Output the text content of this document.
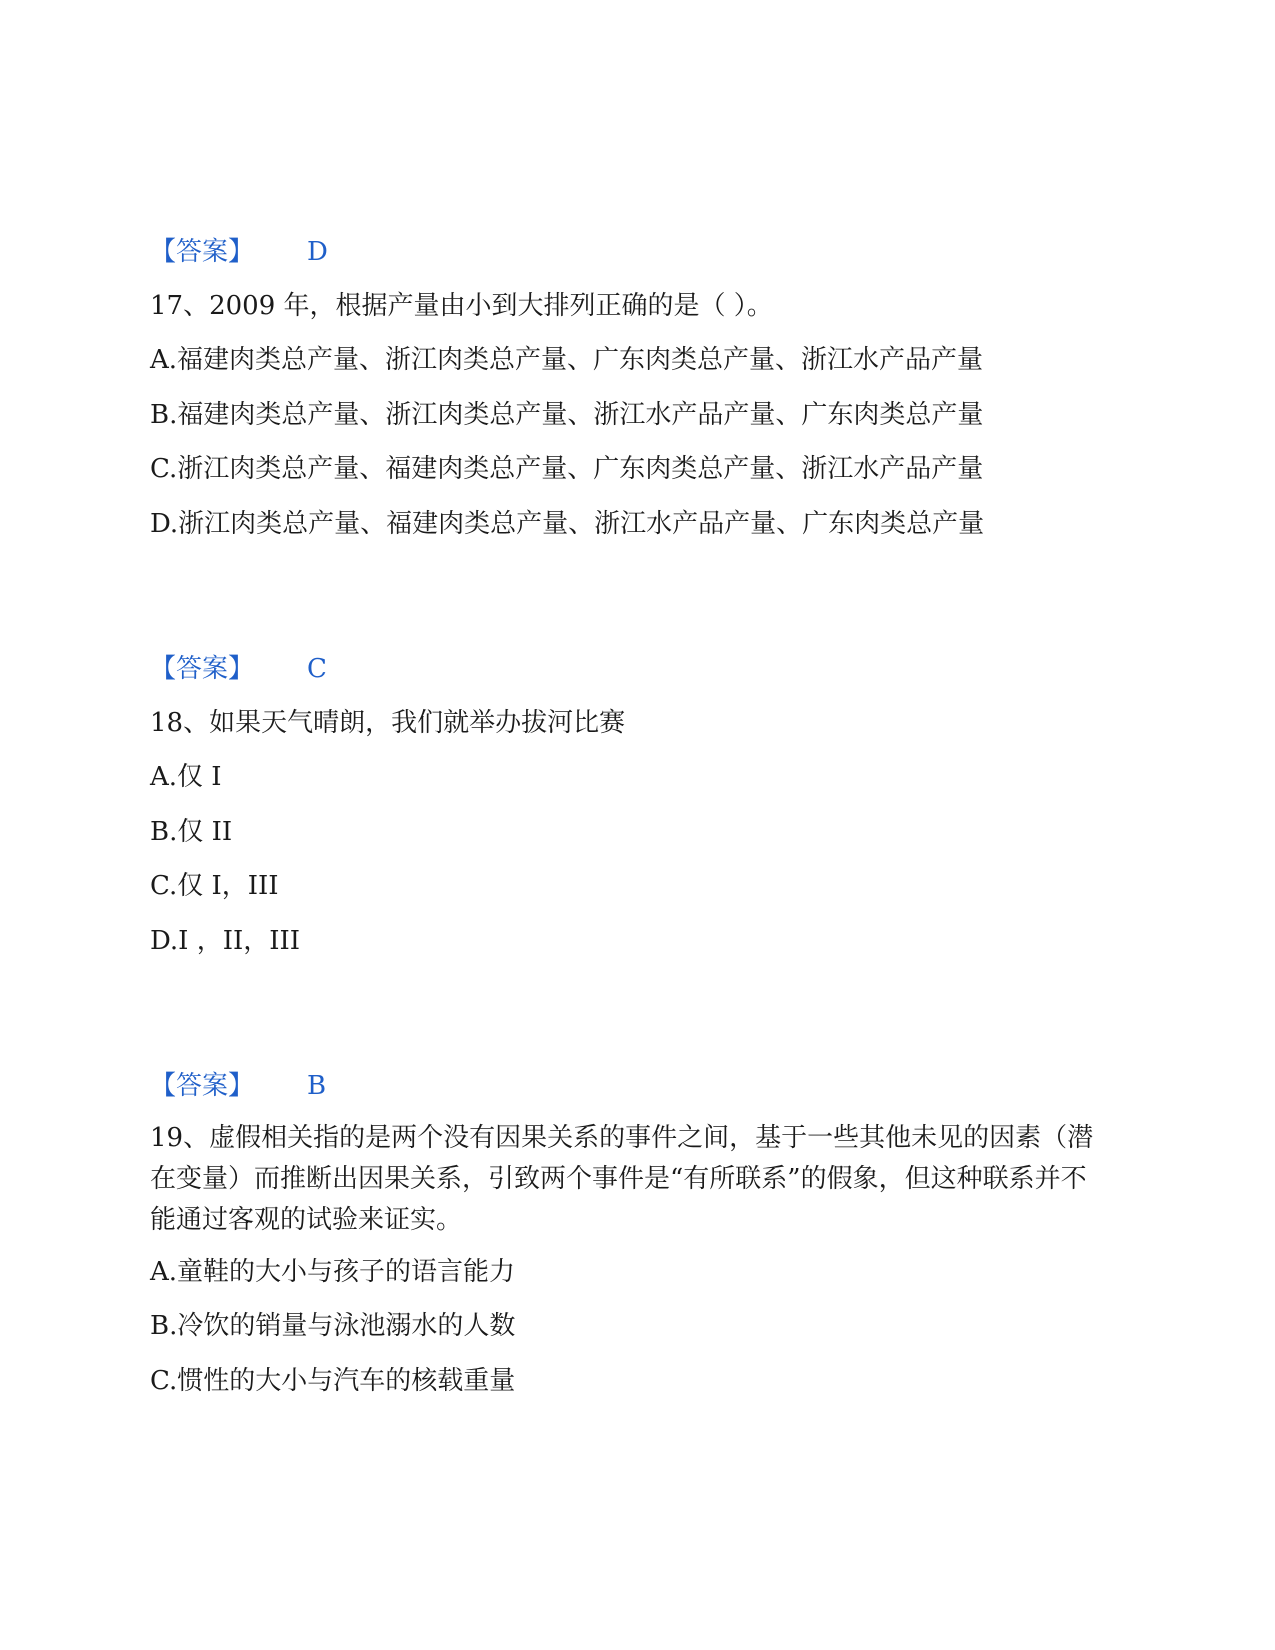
【答案】 D
17、2009 年，根据产量由小到大排列正确的是（ ）。
A.福建肉类总产量、浙江肉类总产量、广东肉类总产量、浙江水产品产量
B.福建肉类总产量、浙江肉类总产量、浙江水产品产量、广东肉类总产量
C.浙江肉类总产量、福建肉类总产量、广东肉类总产量、浙江水产品产量
D.浙江肉类总产量、福建肉类总产量、浙江水产品产量、广东肉类总产量
【答案】 C
18、如果天气晴朗，我们就举办拔河比赛
A.仅 I
B.仅 II
C.仅 I，III
D.I ，II，III
【答案】 B
19、虚假相关指的是两个没有因果关系的事件之间，基于一些其他未见的因素（潜在变量）而推断出因果关系，引致两个事件是“有所联系”的假象，但这种联系并不能通过客观的试验来证实。
A.童鞋的大小与孩子的语言能力
B.冷饮的销量与泳池溺水的人数
C.惯性的大小与汽车的核载重量
